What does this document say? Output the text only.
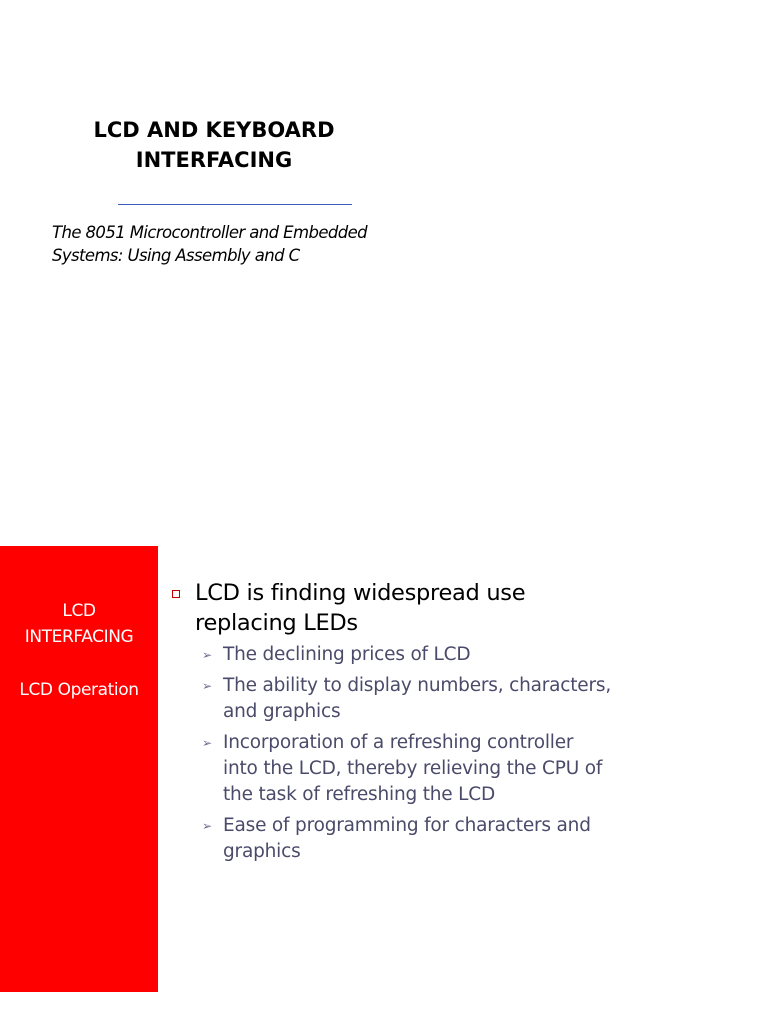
LCD AND KEYBOARD
INTERFACING
The 8051 Microcontroller and Embedded
Systems: Using Assembly and C
LCD
INTERFACING
LCD Operation
LCD is finding widespread use
replacing LEDs
➢ The declining prices of LCD
➢ The ability to display numbers, characters,
and graphics
➢ Incorporation of a refreshing controller
into the LCD, thereby relieving the CPU of
the task of refreshing the LCD
➢ Ease of programming for characters and
graphics
